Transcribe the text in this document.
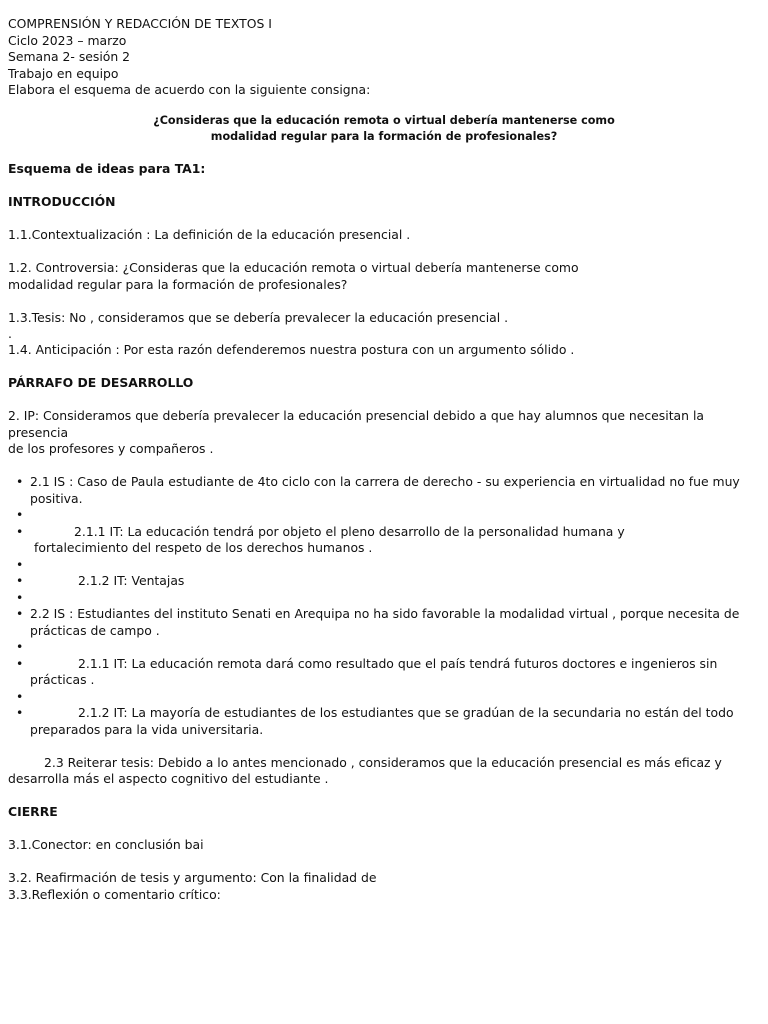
COMPRENSIÓN Y REDACCIÓN DE TEXTOS I

Ciclo 2023 – marzo

Semana 2- sesión 2

Trabajo en equipo

Elabora el esquema de acuerdo con la siguiente consigna:

¿Consideras que la educación remota o virtual debería mantenerse como
modalidad regular para la formación de profesionales?

Esquema de ideas para TA1:

INTRODUCCIÓN

1.1.Contextualización : La definición de la educación presencial .

1.2. Controversia: ¿Consideras que la educación remota o virtual debería mantenerse como

modalidad regular para la formación de profesionales?

1.3.Tesis: No , consideramos que se debería prevalecer la educación presencial .

.

1.4. Anticipación : Por esta razón defenderemos nuestra postura con un argumento sólido .

PÁRRAFO DE DESARROLLO

2. IP: Consideramos que debería prevalecer la educación presencial debido a que hay alumnos que necesitan la presencia

de los profesores y compañeros .

• 2.1 IS : Caso de Paula estudiante de 4to ciclo con la carrera de derecho - su experiencia en virtualidad no fue muy
positiva.
•
• 2.1.1 IT: La educación tendrá por objeto el pleno desarrollo de la personalidad humana y

fortalecimiento del respeto de los derechos humanos .
•
• 2.1.2 IT: Ventajas
•
• 2.2 IS : Estudiantes del instituto Senati en Arequipa no ha sido favorable la modalidad virtual , porque necesita de
prácticas de campo .
•
• 2.1.1 IT: La educación remota dará como resultado que el país tendrá futuros doctores e ingenieros sin
prácticas .
•
• 2.1.2 IT: La mayoría de estudiantes de los estudiantes que se gradúan de la secundaria no están del todo
preparados para la vida universitaria.

2.3 Reiterar tesis: Debido a lo antes mencionado , consideramos que la educación presencial es más eficaz y

desarrolla más el aspecto cognitivo del estudiante .

CIERRE

3.1.Conector: en conclusión bai

3.2. Reafirmación de tesis y argumento: Con la finalidad de

3.3.Reflexión o comentario crítico:
